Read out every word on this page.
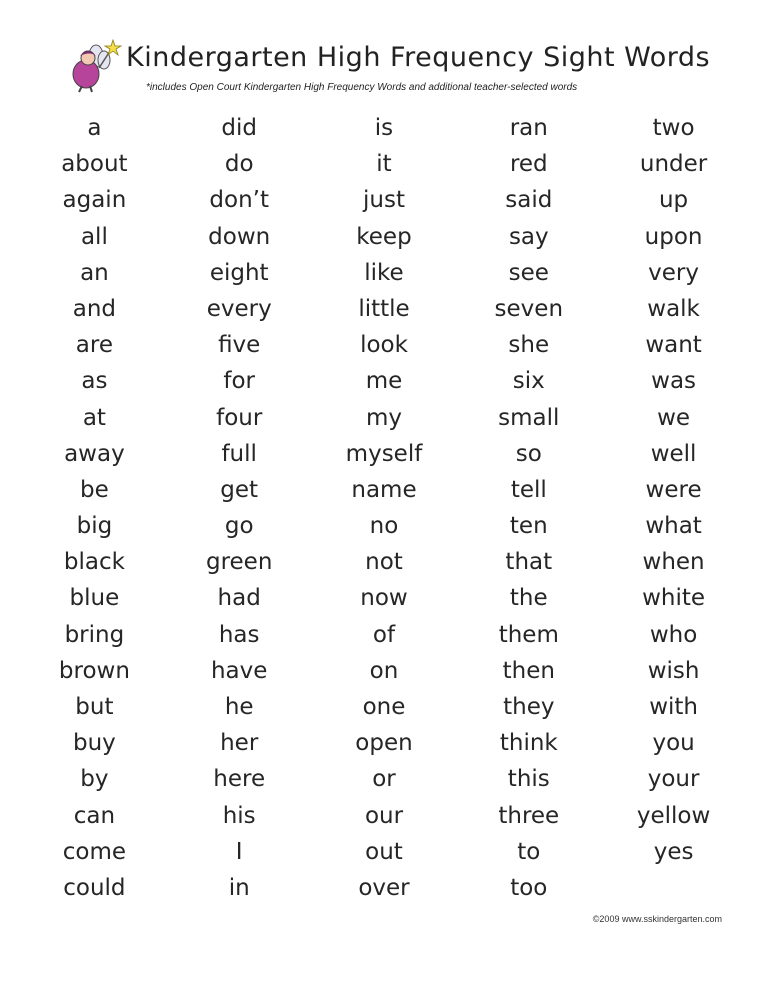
Kindergarten High Frequency Sight Words
*includes Open Court Kindergarten High Frequency Words and additional teacher-selected words
a
about
again
all
an
and
are
as
at
away
be
big
black
blue
bring
brown
but
buy
by
can
come
could
did
do
don’t
down
eight
every
five
for
four
full
get
go
green
had
has
have
he
her
here
his
I
in
is
it
just
keep
like
little
look
me
my
myself
name
no
not
now
of
on
one
open
or
our
out
over
ran
red
said
say
see
seven
she
six
small
so
tell
ten
that
the
them
then
they
think
this
three
to
too
two
under
up
upon
very
walk
want
was
we
well
were
what
when
white
who
wish
with
you
your
yellow
yes
©2009 www.sskindergarten.com
